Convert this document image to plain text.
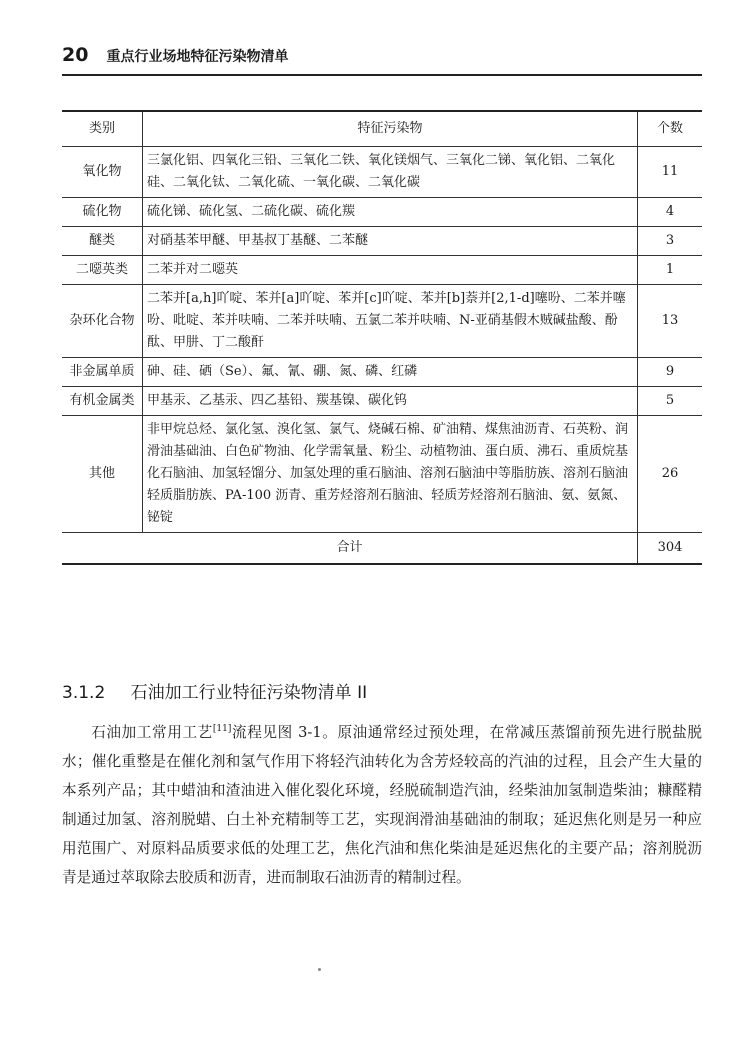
20 重点行业场地特征污染物清单
类别	特征污染物	个数
氧化物	三氯化铝、四氧化三铅、三氧化二铁、氧化镁烟气、三氧化二锑、氧化铝、二氧化硅、二氧化钛、二氧化硫、一氧化碳、二氧化碳	11
硫化物	硫化锑、硫化氢、二硫化碳、硫化羰	4
醚类	对硝基苯甲醚、甲基叔丁基醚、二苯醚	3
二噁英类	二苯并对二噁英	1
杂环化合物	二苯并[a,h]吖啶、苯并[a]吖啶、苯并[c]吖啶、苯并[b]萘并[2,1-d]噻吩、二苯并噻吩、吡啶、苯并呋喃、二苯并呋喃、五氯二苯并呋喃、N-亚硝基假木贼碱盐酸、酚酞、甲肼、丁二酸酐	13
非金属单质	砷、硅、硒（Se）、氟、氰、硼、氮、磷、红磷	9
有机金属类	甲基汞、乙基汞、四乙基铅、羰基镍、碳化钨	5
其他	非甲烷总烃、氯化氢、溴化氢、氯气、烧碱石棉、矿油精、煤焦油沥青、石英粉、润滑油基础油、白色矿物油、化学需氧量、粉尘、动植物油、蛋白质、沸石、重质烷基化石脑油、加氢轻馏分、加氢处理的重石脑油、溶剂石脑油中等脂肪族、溶剂石脑油轻质脂肪族、PA-100 沥青、重芳烃溶剂石脑油、轻质芳烃溶剂石脑油、氨、氨氮、铋锭	26
合计		304
3.1.2 石油加工行业特征污染物清单 II

石油加工常用工艺[11]流程见图 3-1。原油通常经过预处理，在常减压蒸馏前预先进行脱盐脱水；催化重整是在催化剂和氢气作用下将轻汽油转化为含芳烃较高的汽油的过程，且会产生大量的本系列产品；其中蜡油和渣油进入催化裂化环境，经脱硫制造汽油，经柴油加氢制造柴油；糠醛精制通过加氢、溶剂脱蜡、白土补充精制等工艺，实现润滑油基础油的制取；延迟焦化则是另一种应用范围广、对原料品质要求低的处理工艺，焦化汽油和焦化柴油是延迟焦化的主要产品；溶剂脱沥青是通过萃取除去胶质和沥青，进而制取石油沥青的精制过程。
